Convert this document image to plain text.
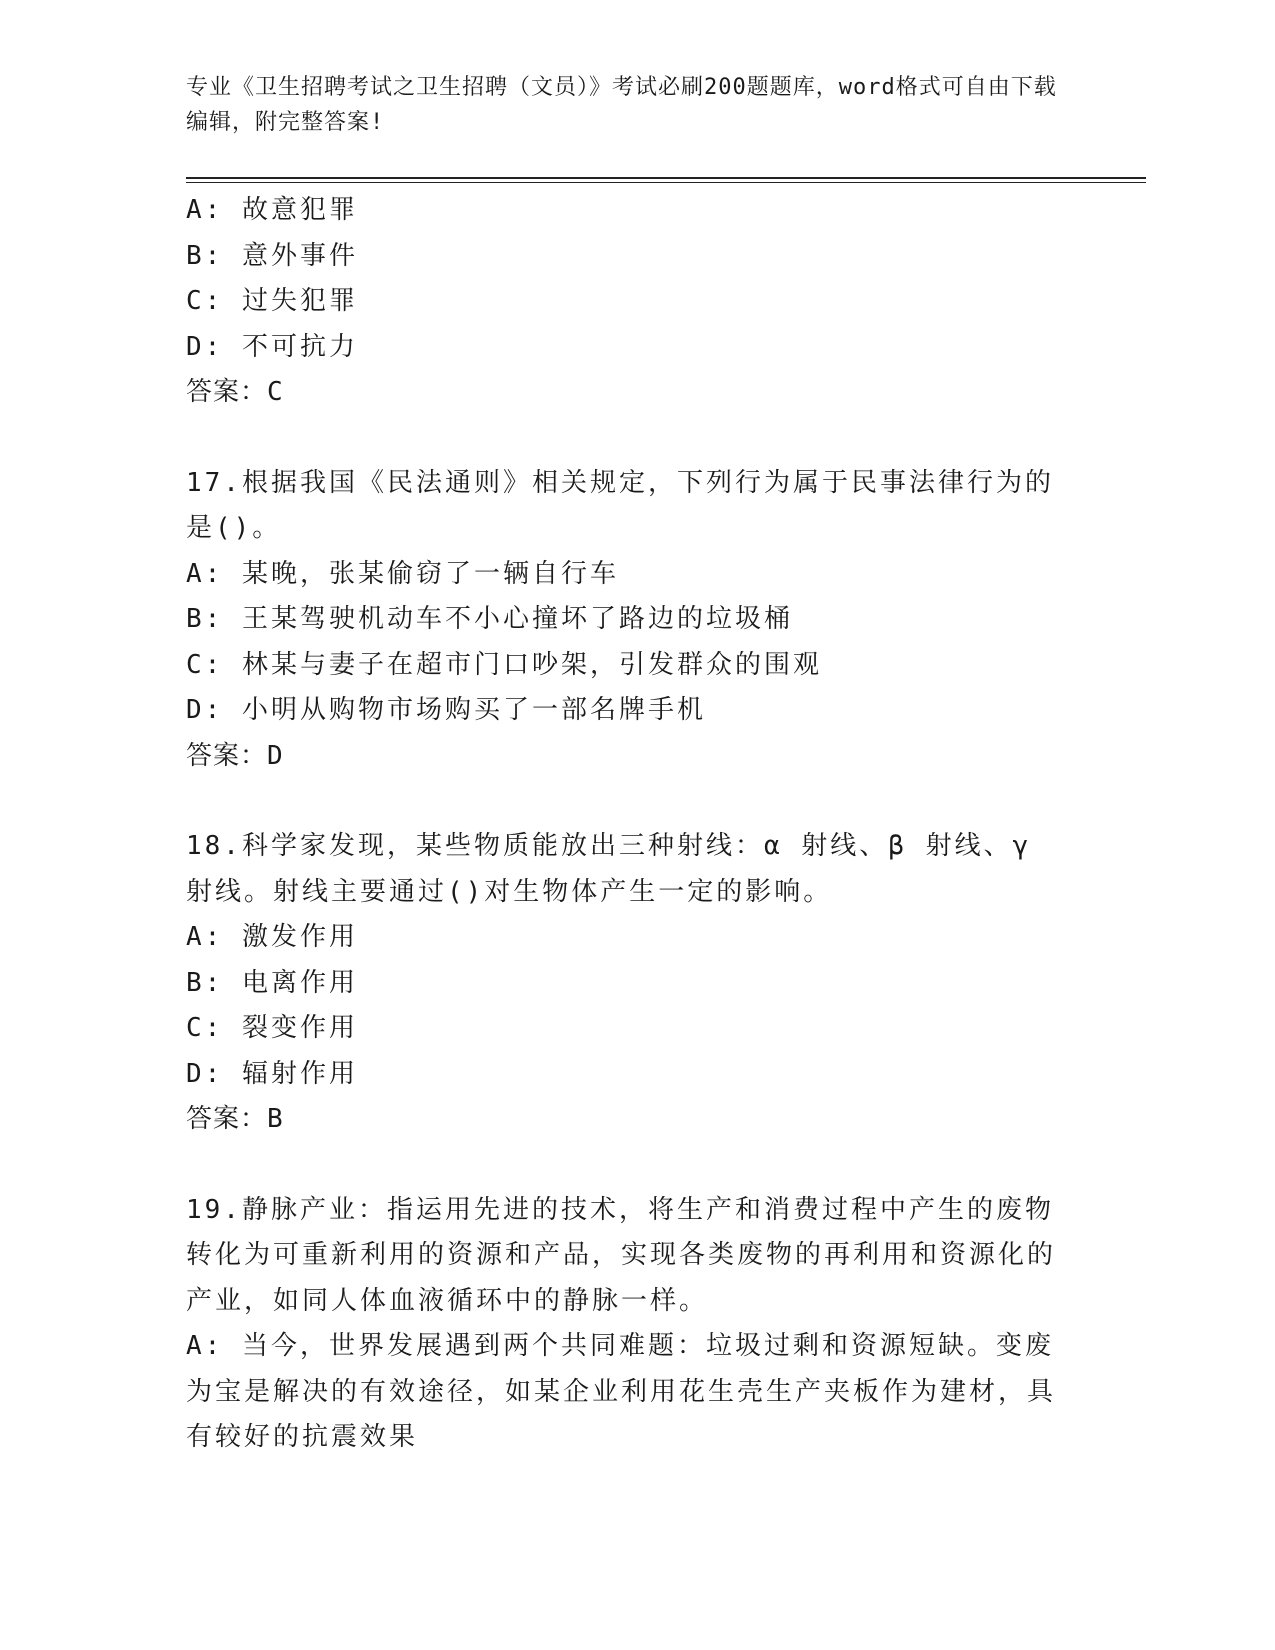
专业《卫生招聘考试之卫生招聘（文员）》考试必刷200题题库，word格式可自由下载编辑，附完整答案!
A: 故意犯罪
B: 意外事件
C: 过失犯罪
D: 不可抗力
答案：C
17.根据我国《民法通则》相关规定，下列行为属于民事法律行为的是()。
A: 某晚，张某偷窃了一辆自行车
B: 王某驾驶机动车不小心撞坏了路边的垃圾桶
C: 林某与妻子在超市门口吵架，引发群众的围观
D: 小明从购物市场购买了一部名牌手机
答案：D
18.科学家发现，某些物质能放出三种射线：α 射线、β 射线、γ 射线。射线主要通过()对生物体产生一定的影响。
A: 激发作用
B: 电离作用
C: 裂变作用
D: 辐射作用
答案：B
19.静脉产业：指运用先进的技术，将生产和消费过程中产生的废物转化为可重新利用的资源和产品，实现各类废物的再利用和资源化的产业，如同人体血液循环中的静脉一样。
A: 当今，世界发展遇到两个共同难题：垃圾过剩和资源短缺。变废为宝是解决的有效途径，如某企业利用花生壳生产夹板作为建材，具有较好的抗震效果
